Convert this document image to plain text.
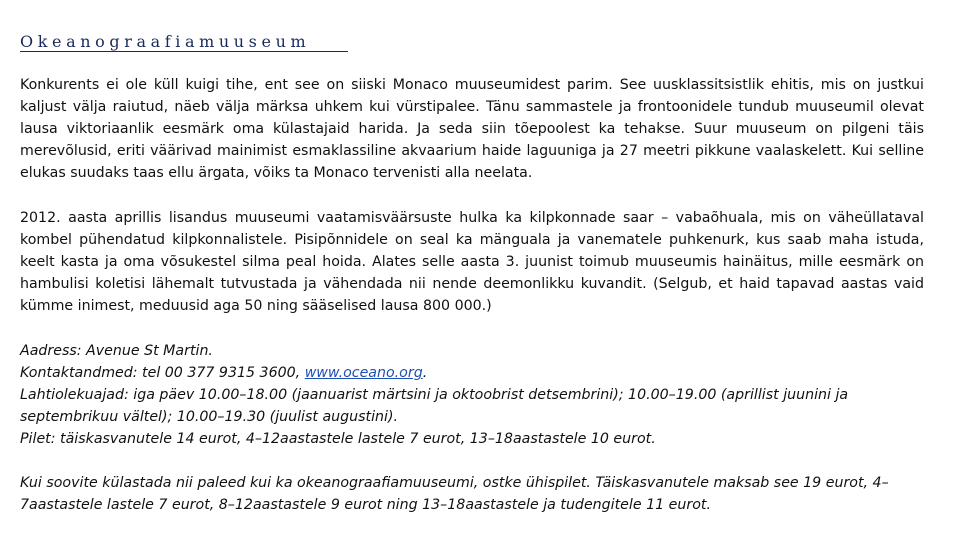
Okeanograafiamuuseum

Konkurents ei ole küll kuigi tihe, ent see on siiski Monaco muuseumidest parim. See uusklassitsistlik ehitis, mis on justkui kaljust välja raiutud, näeb välja märksa uhkem kui vürstipalee. Tänu sammastele ja frontoonidele tundub muuseumil olevat lausa viktoriaanlik eesmärk oma külastajaid harida. Ja seda siin tõepoolest ka tehakse. Suur muuseum on pilgeni täis merevõlusid, eriti väärivad mainimist esmaklassiline akvaarium haide laguuniga ja 27 meetri pikkune vaalaskelett. Kui selline elukas suudaks taas ellu ärgata, võiks ta Monaco tervenisti alla neelata.

2012. aasta aprillis lisandus muuseumi vaatamisväärsuste hulka ka kilpkonnade saar – vabaõhuala, mis on väheüllataval kombel pühendatud kilpkonnalistele. Pisipõnnidele on seal ka mänguala ja vanematele puhkenurk, kus saab maha istuda, keelt kasta ja oma võsukestel silma peal hoida. Alates selle aasta 3. juunist toimub muuseumis hainäitus, mille eesmärk on hambulisi koletisi lähemalt tutvustada ja vähendada nii nende deemonlikku kuvandit. (Selgub, et haid tapavad aastas vaid kümme inimest, meduusid aga 50 ning sääselised lausa 800 000.)

Aadress: Avenue St Martin.
Kontaktandmed: tel 00 377 9315 3600, www.oceano.org.
Lahtiolekuajad: iga päev 10.00–18.00 (jaanuarist märtsini ja oktoobrist detsembrini); 10.00–19.00 (aprillist juunini ja septembrikuu vältel); 10.00–19.30 (juulist augustini).
Pilet: täiskasvanutele 14 eurot, 4–12aastastele lastele 7 eurot, 13–18aastastele 10 eurot.

Kui soovite külastada nii paleed kui ka okeanograafiamuuseumi, ostke ühispilet. Täiskasvanutele maksab see 19 eurot, 4–7aastastele lastele 7 eurot, 8–12aastastele 9 eurot ning 13–18aastastele ja tudengitele 11 eurot.
